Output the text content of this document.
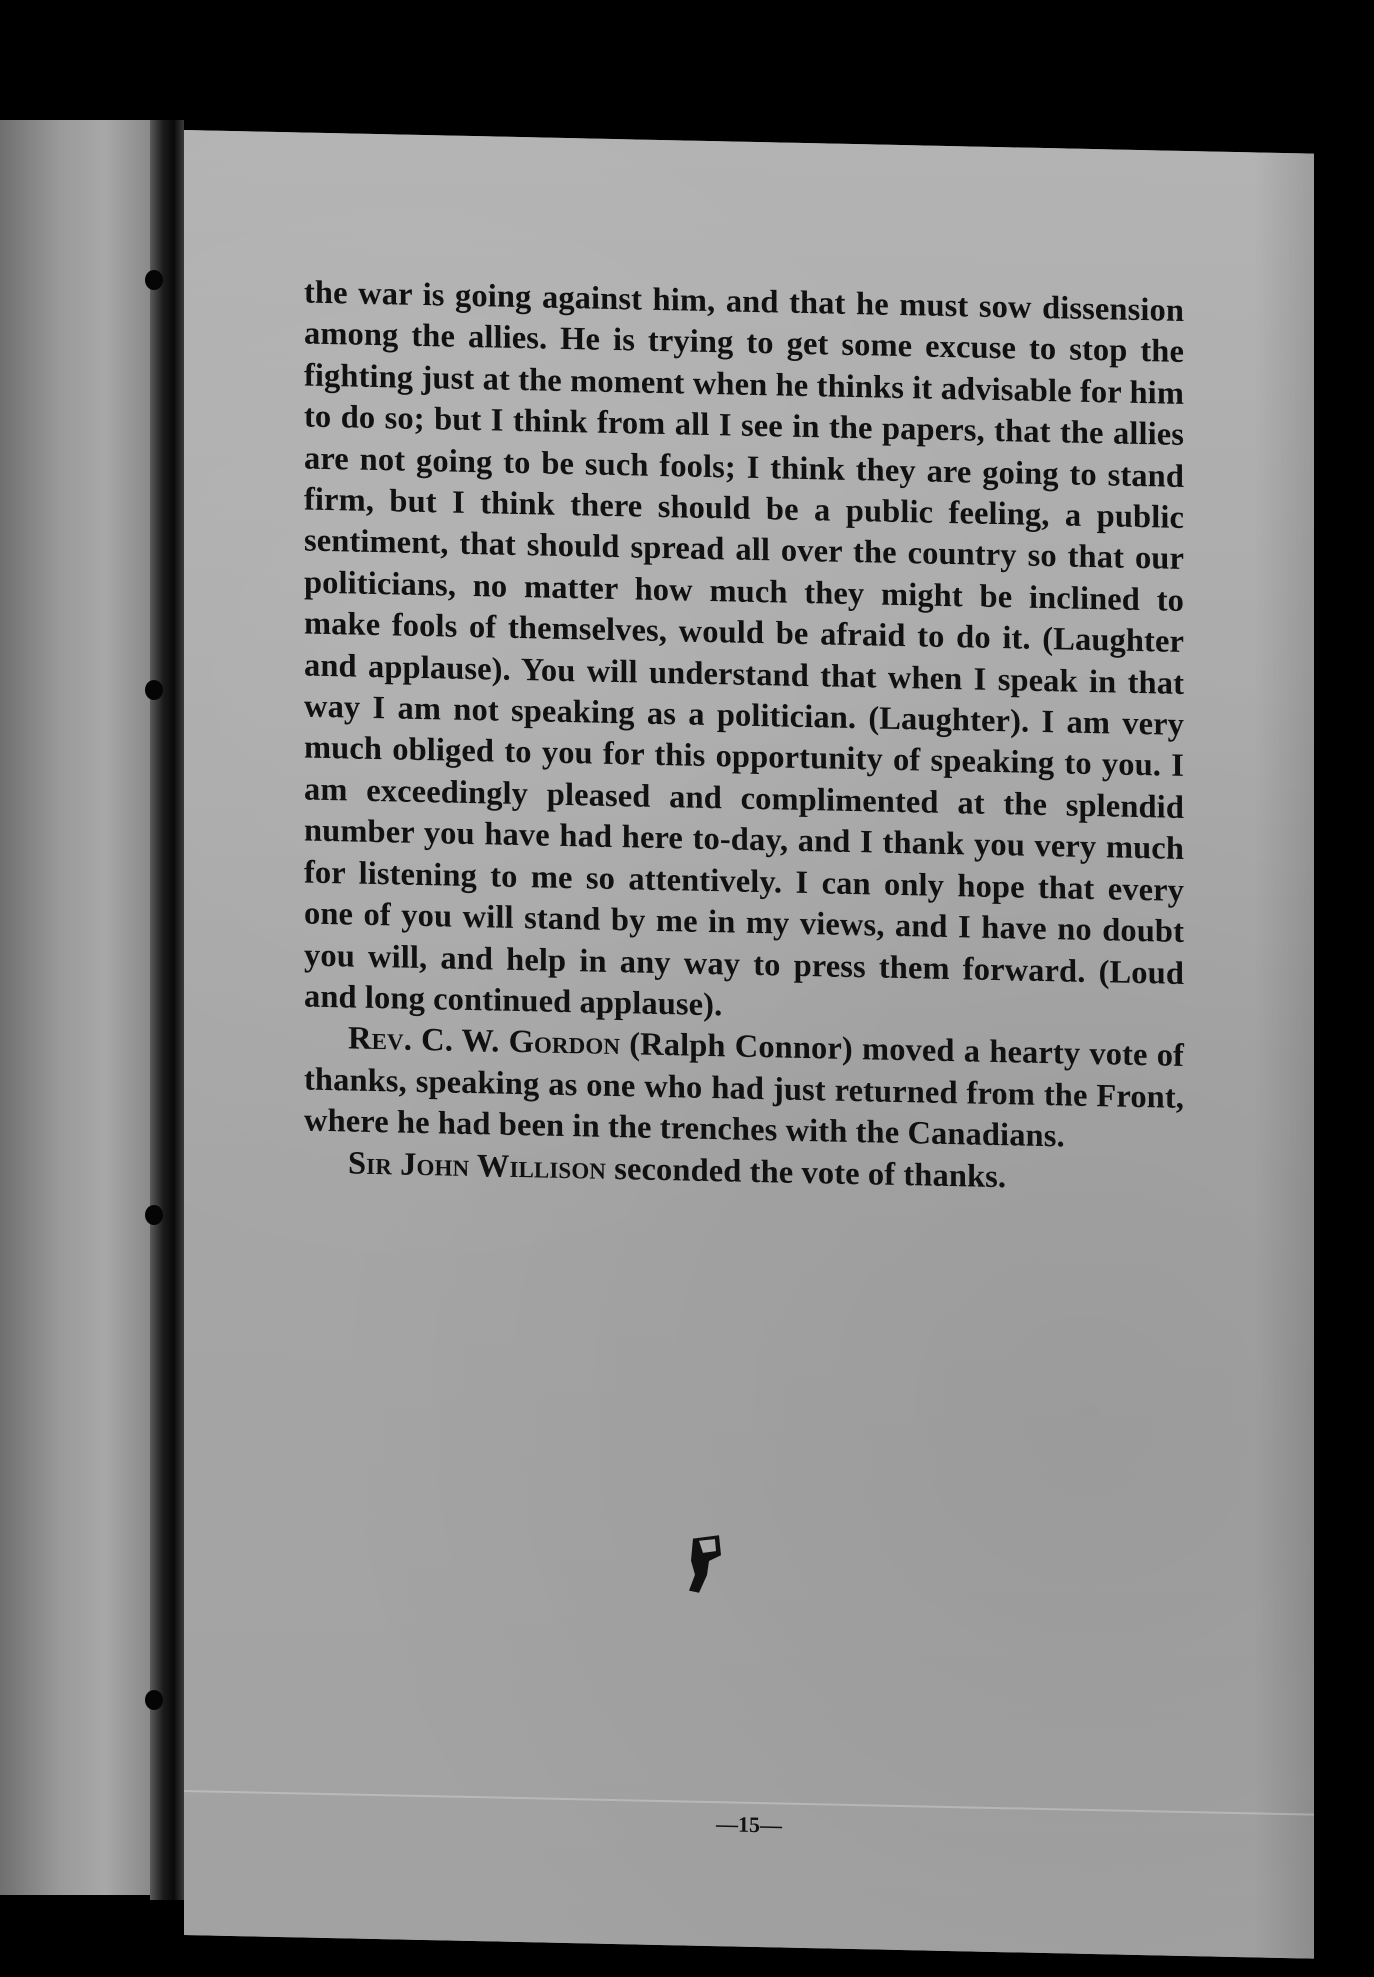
the war is going against him, and that he must sow dissension among the allies. He is trying to get some excuse to stop the fighting just at the moment when he thinks it advisable for him to do so; but I think from all I see in the papers, that the allies are not going to be such fools; I think they are going to stand firm, but I think there should be a public feeling, a public sentiment, that should spread all over the country so that our politicians, no matter how much they might be inclined to make fools of themselves, would be afraid to do it. (Laughter and applause). You will understand that when I speak in that way I am not speaking as a politician. (Laughter). I am very much obliged to you for this opportunity of speaking to you. I am exceedingly pleased and complimented at the splendid number you have had here to-day, and I thank you very much for listening to me so attentively. I can only hope that every one of you will stand by me in my views, and I have no doubt you will, and help in any way to press them forward. (Loud and long continued applause).

Rev. C. W. Gordon (Ralph Connor) moved a hearty vote of thanks, speaking as one who had just returned from the Front, where he had been in the trenches with the Canadians.

Sir John Willison seconded the vote of thanks.

—15—
